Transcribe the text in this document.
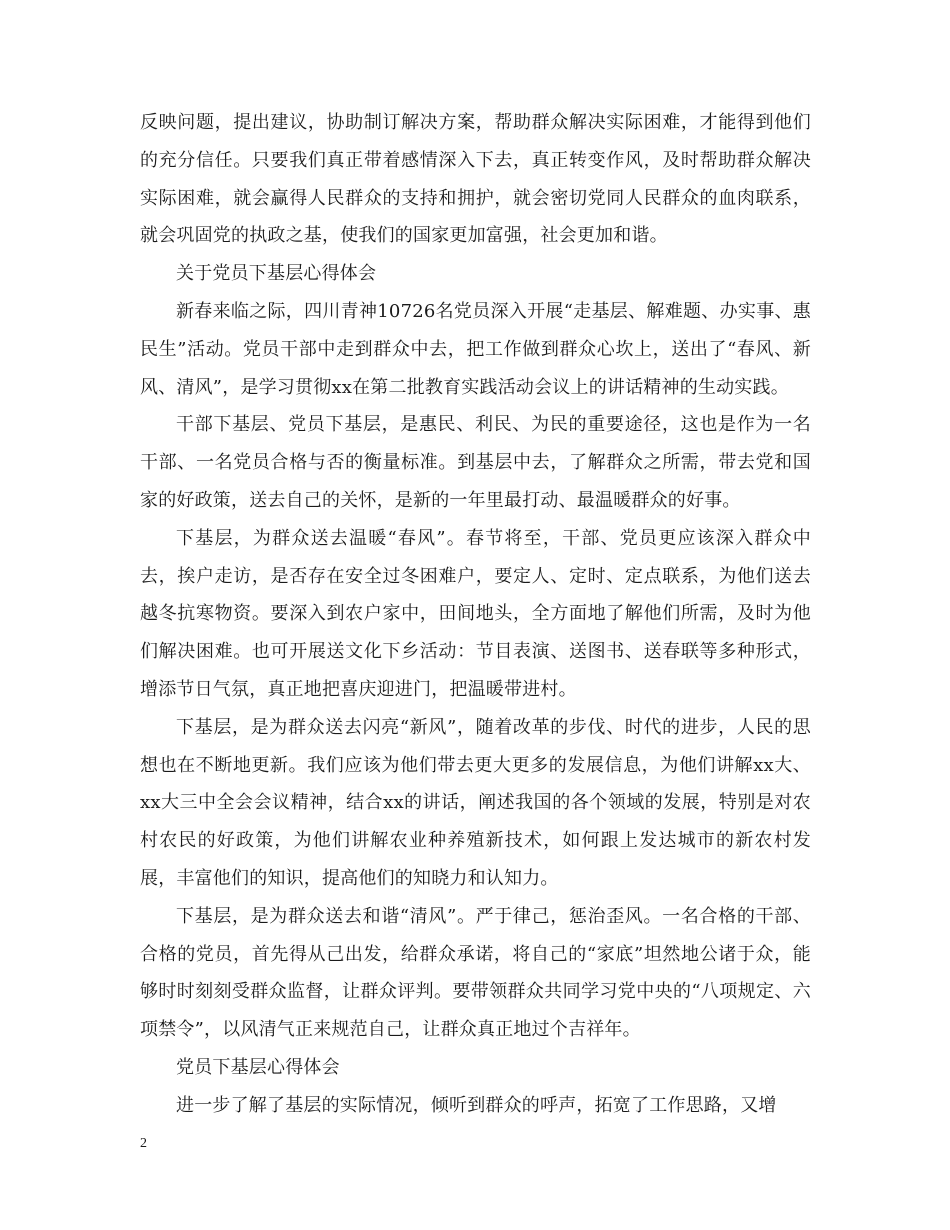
反映问题，提出建议，协助制订解决方案，帮助群众解决实际困难，才能得到他们的充分信任。只要我们真正带着感情深入下去，真正转变作风，及时帮助群众解决实际困难，就会赢得人民群众的支持和拥护，就会密切党同人民群众的血肉联系，就会巩固党的执政之基，使我们的国家更加富强，社会更加和谐。

关于党员下基层心得体会

新春来临之际，四川青神10726名党员深入开展“走基层、解难题、办实事、惠民生”活动。党员干部中走到群众中去，把工作做到群众心坎上，送出了“春风、新风、清风”，是学习贯彻xx在第二批教育实践活动会议上的讲话精神的生动实践。

干部下基层、党员下基层，是惠民、利民、为民的重要途径，这也是作为一名干部、一名党员合格与否的衡量标准。到基层中去，了解群众之所需，带去党和国家的好政策，送去自己的关怀，是新的一年里最打动、最温暖群众的好事。

下基层，为群众送去温暖“春风”。春节将至，干部、党员更应该深入群众中去，挨户走访，是否存在安全过冬困难户，要定人、定时、定点联系，为他们送去越冬抗寒物资。要深入到农户家中，田间地头，全方面地了解他们所需，及时为他们解决困难。也可开展送文化下乡活动：节目表演、送图书、送春联等多种形式，增添节日气氛，真正地把喜庆迎进门，把温暖带进村。

下基层，是为群众送去闪亮“新风”，随着改革的步伐、时代的进步，人民的思想也在不断地更新。我们应该为他们带去更大更多的发展信息，为他们讲解xx大、xx大三中全会会议精神，结合xx的讲话，阐述我国的各个领域的发展，特别是对农村农民的好政策，为他们讲解农业种养殖新技术，如何跟上发达城市的新农村发展，丰富他们的知识，提高他们的知晓力和认知力。

下基层，是为群众送去和谐“清风”。严于律己，惩治歪风。一名合格的干部、合格的党员，首先得从己出发，给群众承诺，将自己的“家底”坦然地公诸于众，能够时时刻刻受群众监督，让群众评判。要带领群众共同学习党中央的“八项规定、六项禁令”，以风清气正来规范自己，让群众真正地过个吉祥年。

党员下基层心得体会

进一步了解了基层的实际情况，倾听到群众的呼声，拓宽了工作思路，又增

2
